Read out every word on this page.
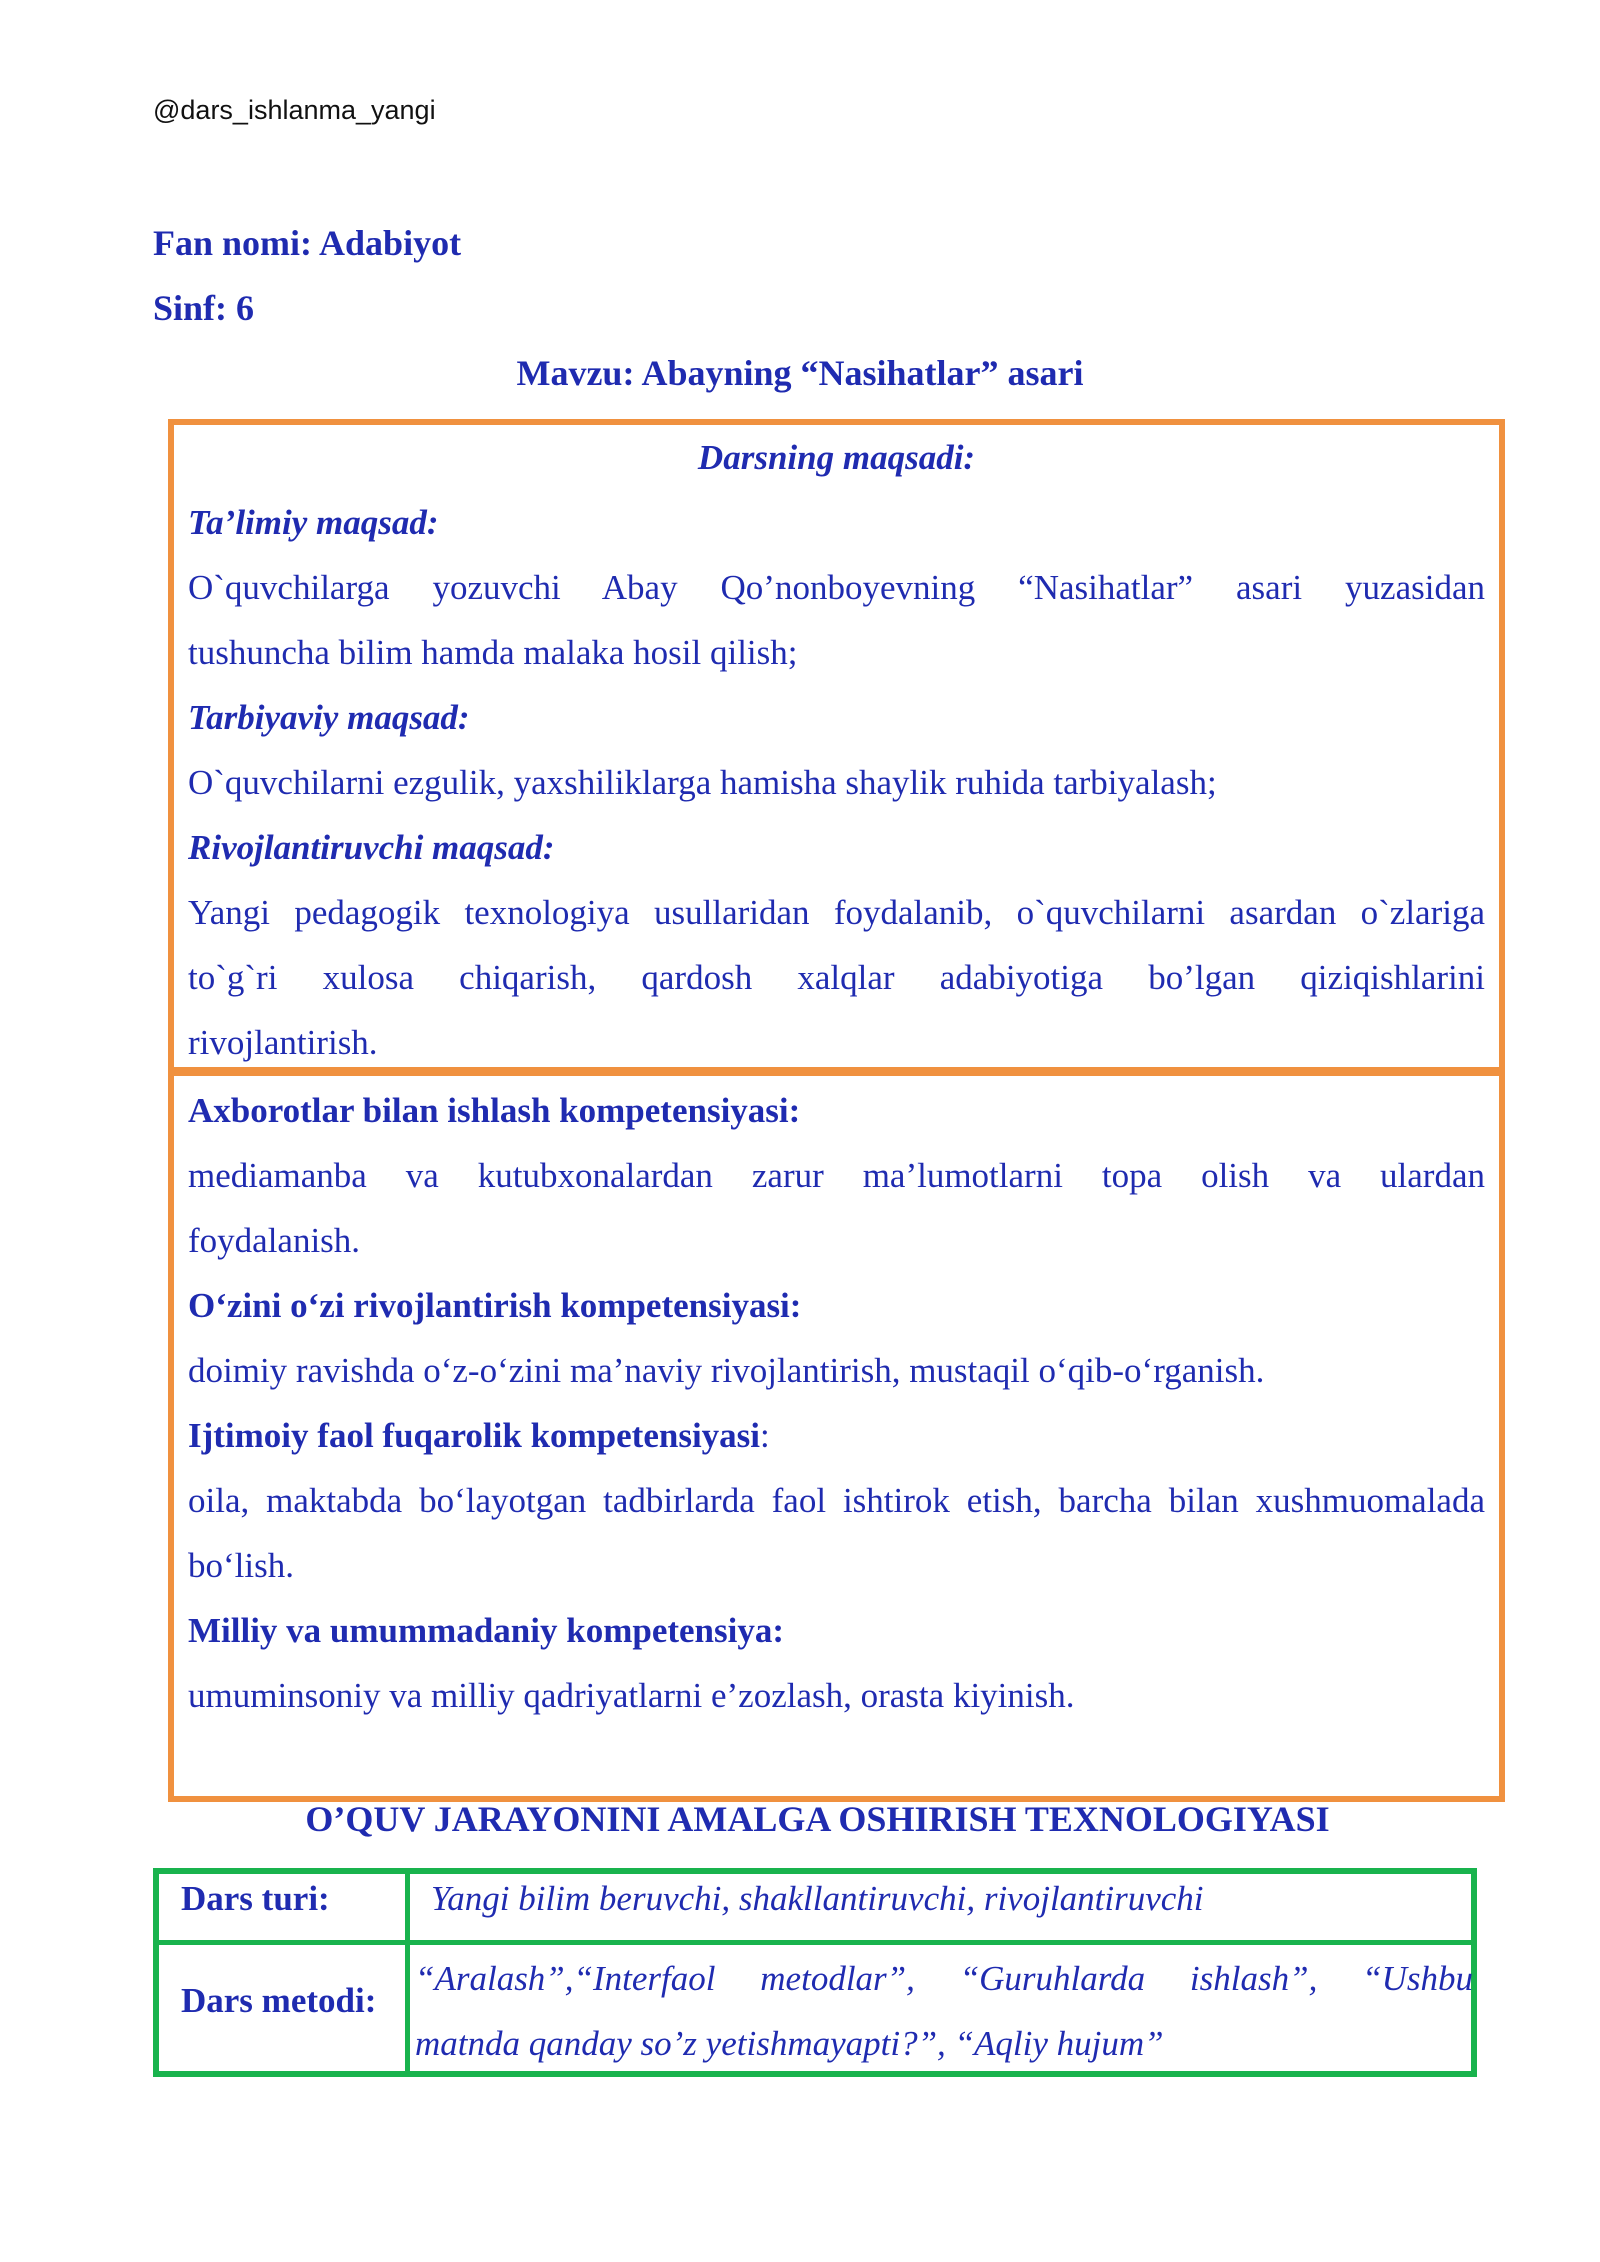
@dars_ishlanma_yangi
Fan nomi: Adabiyot
Sinf: 6
Mavzu: Abayning “Nasihatlar” asari
Darsning maqsadi:
Ta’limiy maqsad:
O`quvchilarga yozuvchi Abay Qo’nonboyevning “Nasihatlar” asari yuzasidan
tushuncha bilim hamda malaka hosil qilish;
Tarbiyaviy maqsad:
O`quvchilarni ezgulik, yaxshiliklarga hamisha shaylik ruhida tarbiyalash;
Rivojlantiruvchi maqsad:
Yangi pedagogik texnologiya usullaridan foydalanib, o`quvchilarni asardan o`zlariga
to`g`ri xulosa chiqarish, qardosh xalqlar adabiyotiga bo’lgan qiziqishlarini
rivojlantirish.
Axborotlar bilan ishlash kompetensiyasi:
mediamanba va kutubxonalardan zarur ma’lumotlarni topa olish va ulardan
foydalanish.
O‘zini o‘zi rivojlantirish kompetensiyasi:
doimiy ravishda o‘z-o‘zini ma’naviy rivojlantirish, mustaqil o‘qib-o‘rganish.
Ijtimoiy faol fuqarolik kompetensiyasi:
oila, maktabda bo‘layotgan tadbirlarda faol ishtirok etish, barcha bilan xushmuomalada
bo‘lish.
Milliy va umummadaniy kompetensiya:
umuminsoniy va milliy qadriyatlarni e’zozlash, orasta kiyinish.
O’QUV JARAYONINI AMALGA OSHIRISH TEXNOLOGIYASI
Dars turi:	Yangi bilim beruvchi, shakllantiruvchi, rivojlantiruvchi
Dars metodi:
“Aralash”,“Interfaol metodlar”, “Guruhlarda ishlash”, “Ushbu
matnda qanday so’z yetishmayapti?”, “Aqliy hujum”
